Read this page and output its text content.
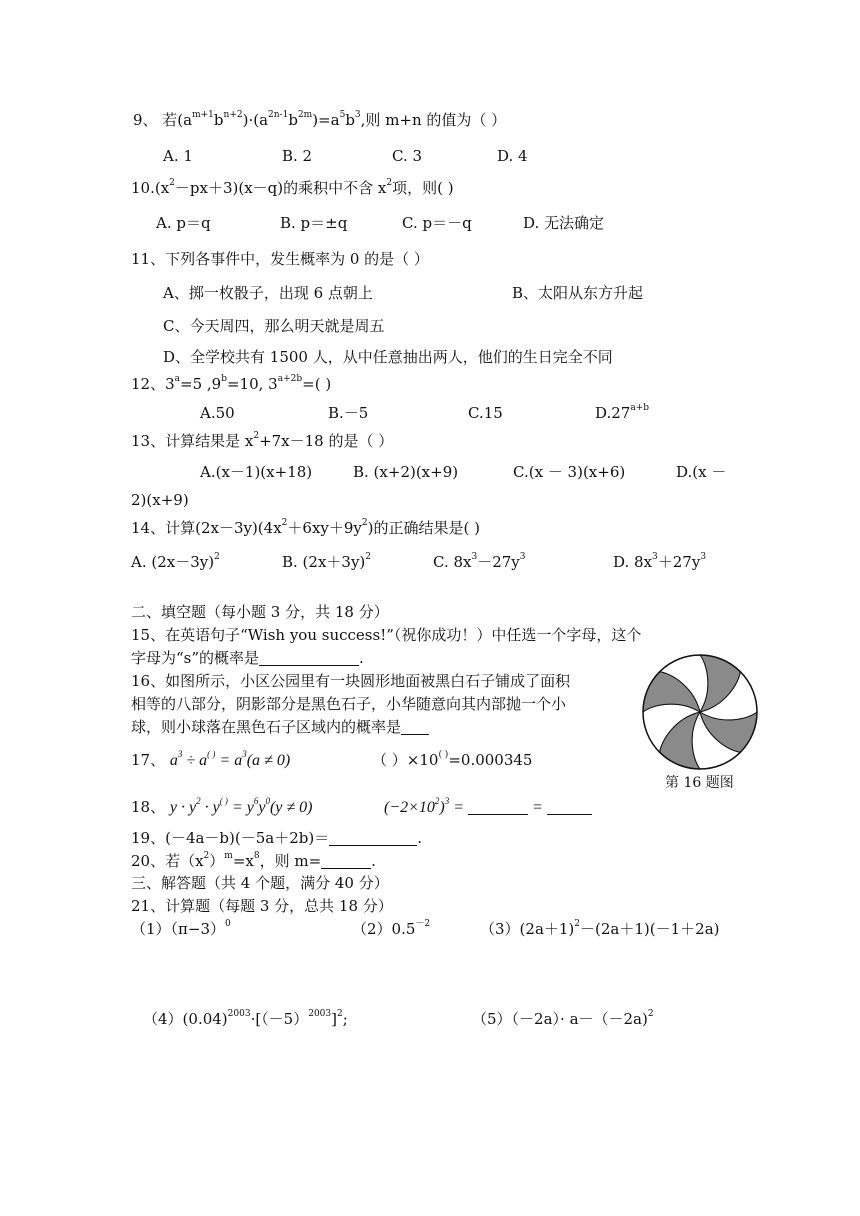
9、 若$(a^{m+1}b^{n+2})\cdot(a^{2n-1}b^{2m})=a^5b^3$,则 m+n 的值为（ ）
A. 1	B. 2	C. 3	D. 4
$10.(x^2-px+3)(x-q)$的乘积中不含 $x^2$项，则( )
A. p＝q	B. p＝±q	C. p＝－q	D. 无法确定
11、下列各事件中，发生概率为 0 的是（ ）
A、掷一枚骰子，出现 6 点朝上	B、太阳从东方升起
C、今天周四，那么明天就是周五
D、全学校共有 1500 人，从中任意抽出两人，他们的生日完全不同
12、$3^a=5$ ,9$^b$=10, $3^{a+2b}=$( )
A.50	B.－5	C.15	$D.27^{a+b}$
13、计算结果是 $x^2+7x-18$ 的是（ ）
A.(x－1)(x+18)	B. (x+2)(x+9)	C.(x － 3)(x+6)	D.(x －
2)(x+9)
14、计算$(2x-3y)(4x^2+6xy+9y^2)$的正确结果是( )
A. $(2x-3y)^2$	B. $(2x+3y)^2$	C. $8x^3-27y^3$	D. $8x^3+27y^3$
二、填空题（每小题 3 分，共 18 分）
15、在英语句子“Wish you success!”（祝你成功！）中任选一个字母，这个
字母为“s”的概率是	.
16、如图所示，小区公园里有一块圆形地面被黑白石子铺成了面积
相等的八部分，阴影部分是黑色石子，小华随意向其内部抛一个小
球，则小球落在黑色石子区域内的概率是
第 16 题图
17、 $a^3 \div a^{( )} = a^3(a \ne 0)$	（ ）×10( )=0.000345
18、 $y \cdot y^2 \cdot y^{( )} = y^6y^0(y \ne 0)$	$(-2\times 10^2)^3$ =	=
19、(－4a－b)(－5a＋2b)＝	.
20、若$(x^2)^m=x^8$，则 m=	.
三、解答题（共 4 个题，满分 40 分）
21、计算题（每题 3 分，总共 18 分）
$(1)(\pi-3)^0$	$(2)0.5^{-2}$	$(3)(2a+1)^2-(2a+1)(-1+2a)$
$(4)(0.04)^{2003}\cdot[(-5)^{2003}]^2$;	（5）（－2a）· a－（－2a)$^2$
